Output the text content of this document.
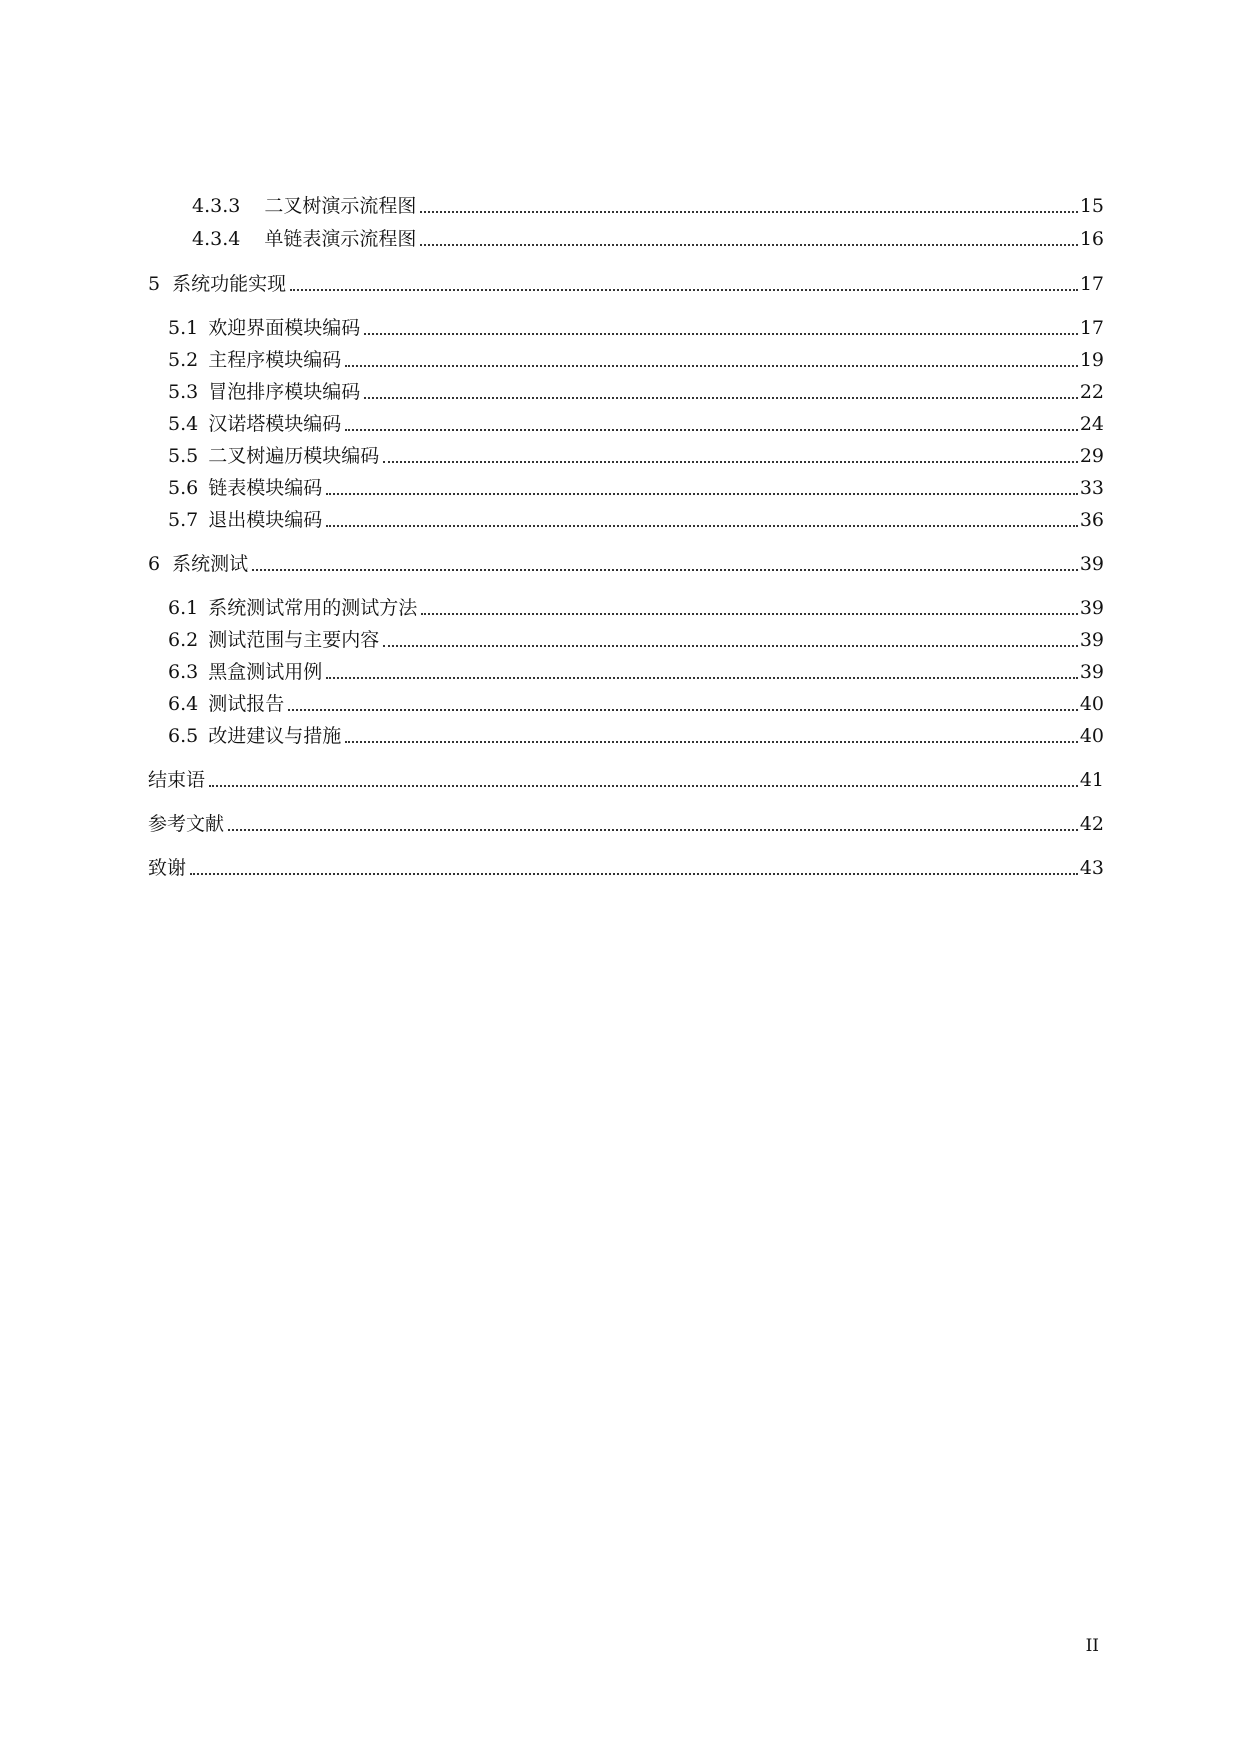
4.3.3 二叉树演示流程图	15
4.3.4 单链表演示流程图	16
5 系统功能实现	17
5.1 欢迎界面模块编码	17
5.2 主程序模块编码	19
5.3 冒泡排序模块编码	22
5.4 汉诺塔模块编码	24
5.5 二叉树遍历模块编码	29
5.6 链表模块编码	33
5.7 退出模块编码	36
6 系统测试	39
6.1 系统测试常用的测试方法	39
6.2 测试范围与主要内容	39
6.3 黑盒测试用例	39
6.4 测试报告	40
6.5 改进建议与措施	40
结束语	41
参考文献	42
致谢	43
II
